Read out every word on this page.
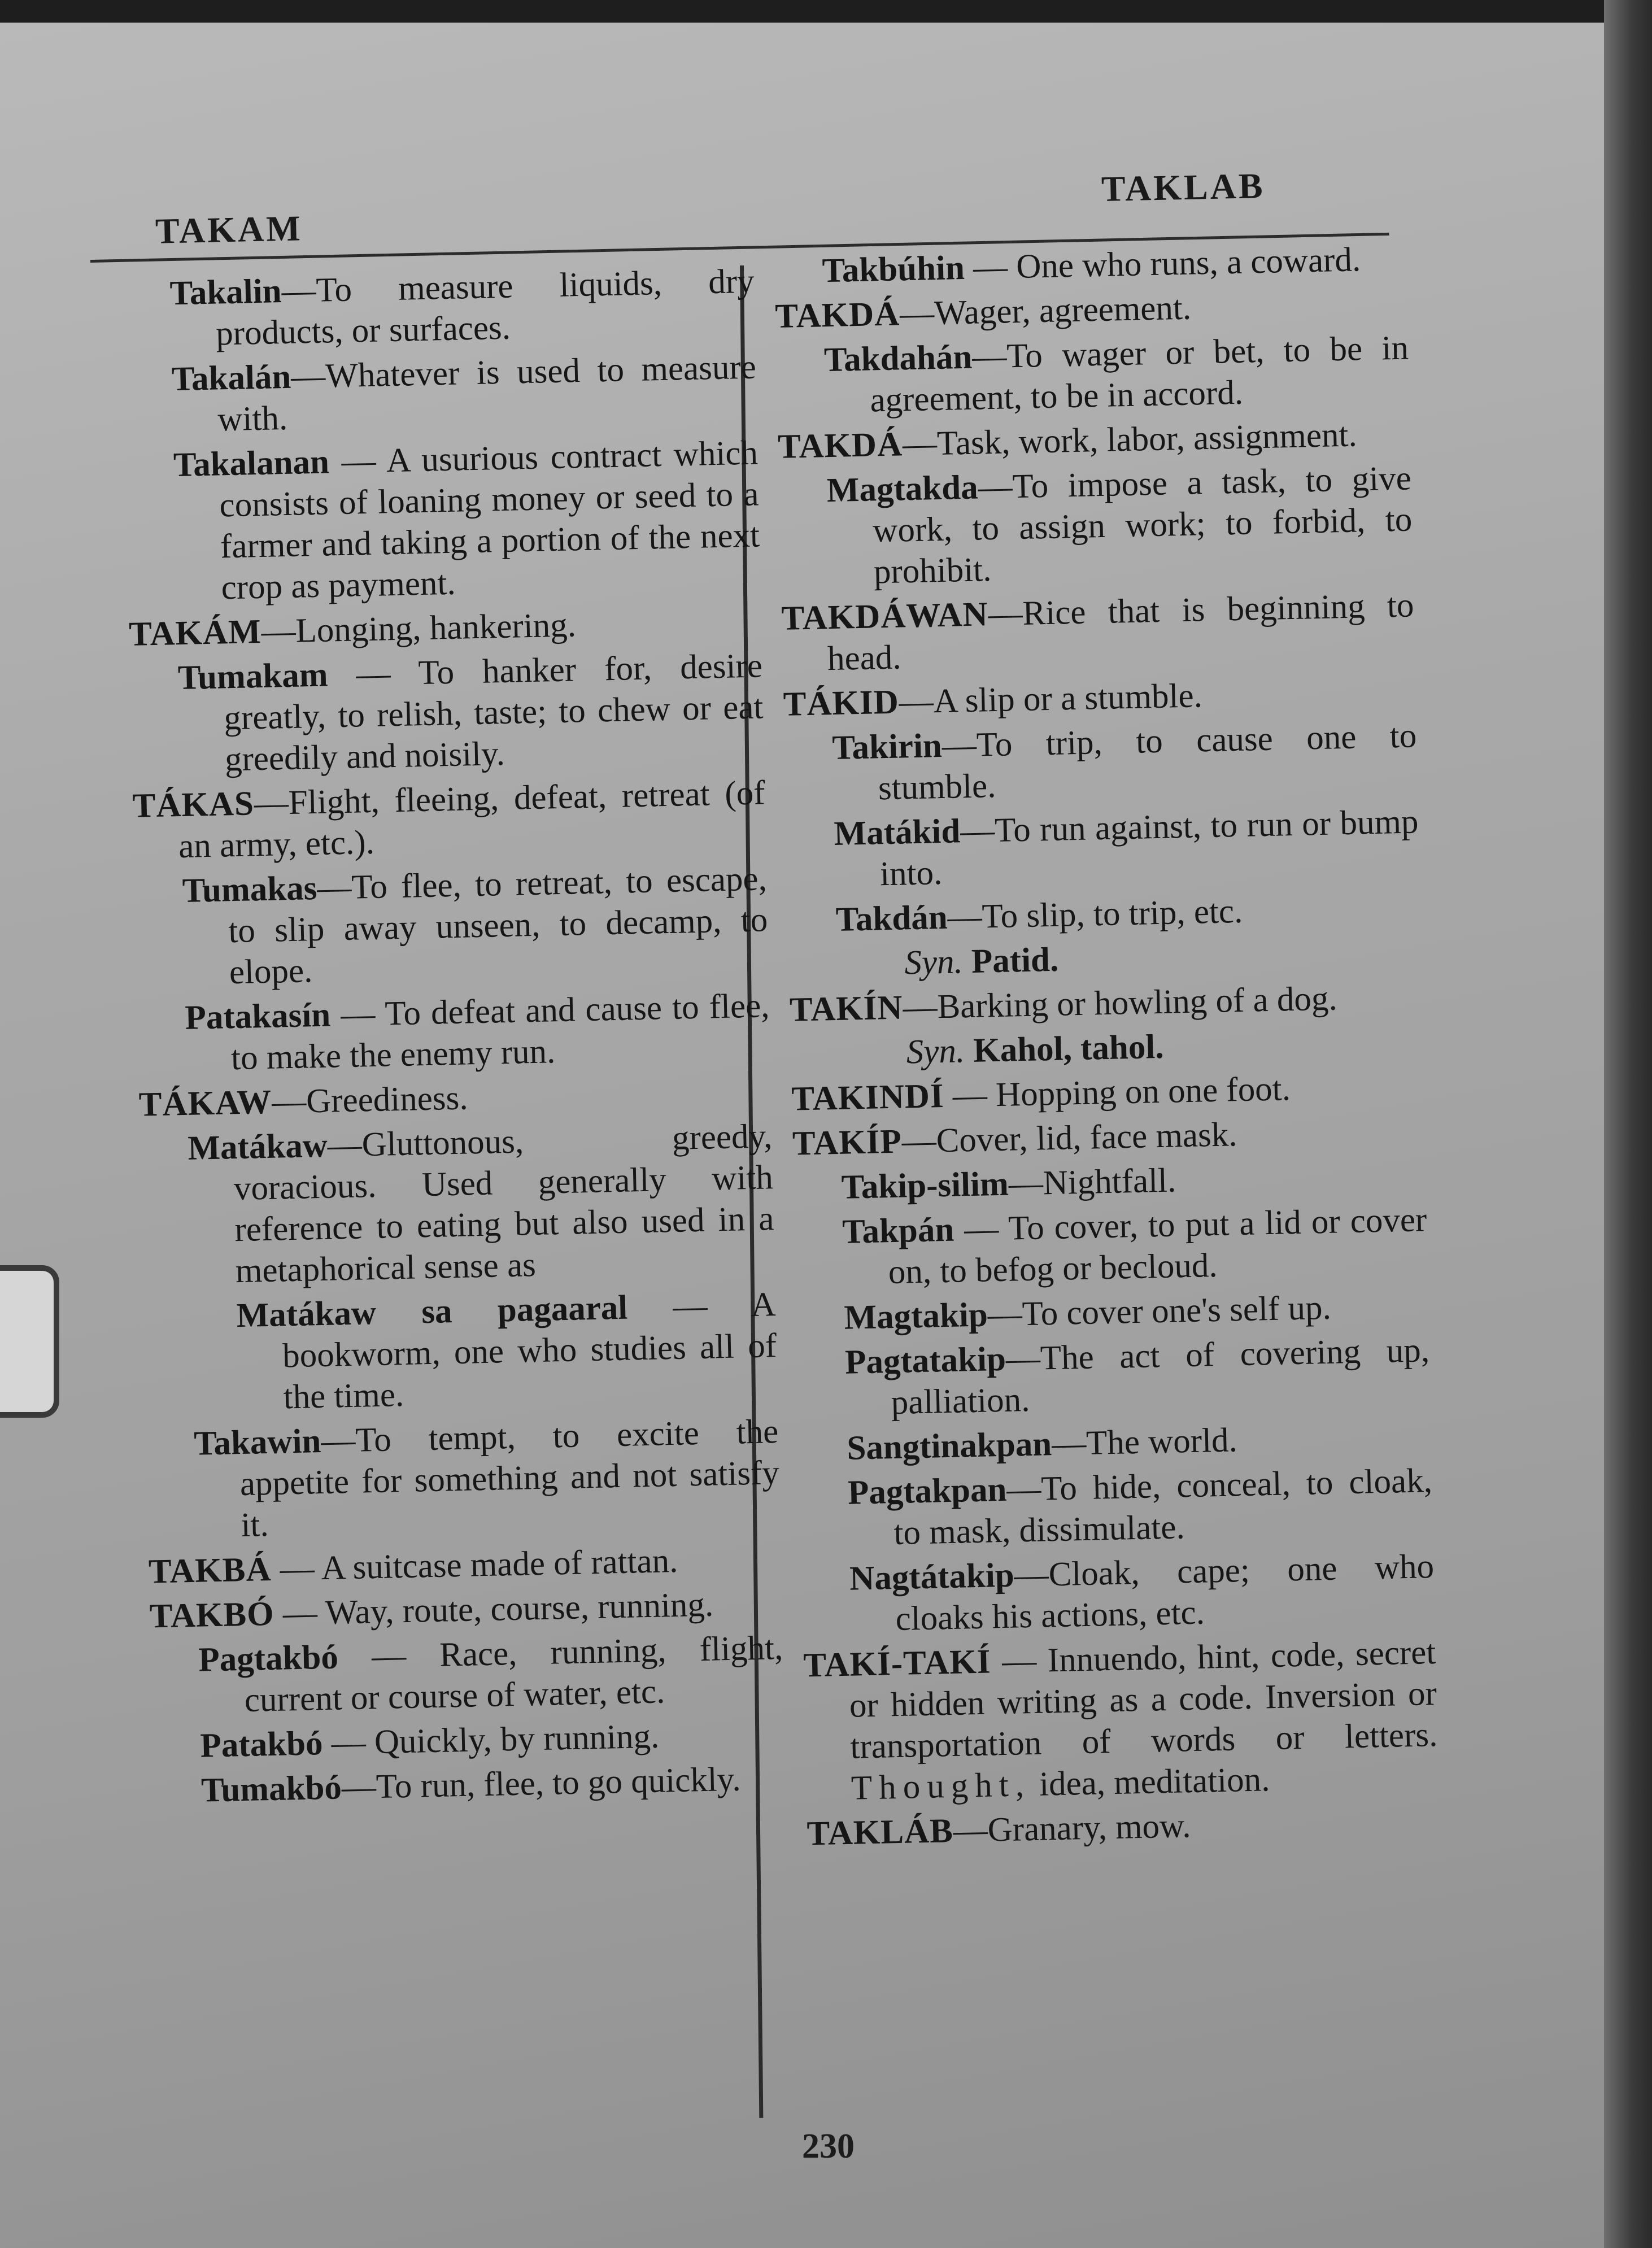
TAKAM
TAKLAB

Takalin—To measure liquids, dry products, or surfaces.

Takalán—Whatever is used to measure with.

Takalanan — A usurious contract which consists of loaning money or seed to a farmer and taking a portion of the next crop as payment.

TAKÁM—Longing, hankering.

Tumakam — To hanker for, desire greatly, to relish, taste; to chew or eat greedily and noisily.

TÁKAS—Flight, fleeing, defeat, retreat (of an army, etc.).

Tumakas—To flee, to retreat, to escape, to slip away unseen, to decamp, to elope.

Patakasín — To defeat and cause to flee, to make the enemy run.

TÁKAW—Greediness.

Matákaw—Gluttonous, greedy, voracious. Used generally with reference to eating but also used in a metaphorical sense as

Matákaw sa pagaaral — A bookworm, one who studies all of the time.

Takawin—To tempt, to excite the appetite for something and not satisfy it.

TAKBÁ — A suitcase made of rattan.

TAKBÓ — Way, route, course, running.

Pagtakbó — Race, running, flight, current or course of water, etc.

Patakbó — Quickly, by running.

Tumakbó—To run, flee, to go quickly.

Takbúhin — One who runs, a coward.

TAKDÁ—Wager, agreement.

Takdahán—To wager or bet, to be in agreement, to be in accord.

TAKDÁ—Task, work, labor, assignment.

Magtakda—To impose a task, to give work, to assign work; to forbid, to prohibit.

TAKDÁWAN—Rice that is beginning to head.

TÁKID—A slip or a stumble.

Takirin—To trip, to cause one to stumble.

Matákid—To run against, to run or bump into.

Takdán—To slip, to trip, etc.

Syn. Patid.

TAKÍN—Barking or howling of a dog.

Syn. Kahol, tahol.

TAKINDÍ — Hopping on one foot.

TAKÍP—Cover, lid, face mask.

Takip-silim—Nightfall.

Takpán — To cover, to put a lid or cover on, to befog or becloud.

Magtakip—To cover one's self up.

Pagtatakip—The act of covering up, palliation.

Sangtinakpan—The world.

Pagtakpan—To hide, conceal, to cloak, to mask, dissimulate.

Nagtátakip—Cloak, cape; one who cloaks his actions, etc.

TAKÍ-TAKÍ — Innuendo, hint, code, secret or hidden writing as a code. Inversion or transportation of words or letters. Thought, idea, meditation.

TAKLÁB—Granary, mow.

230
